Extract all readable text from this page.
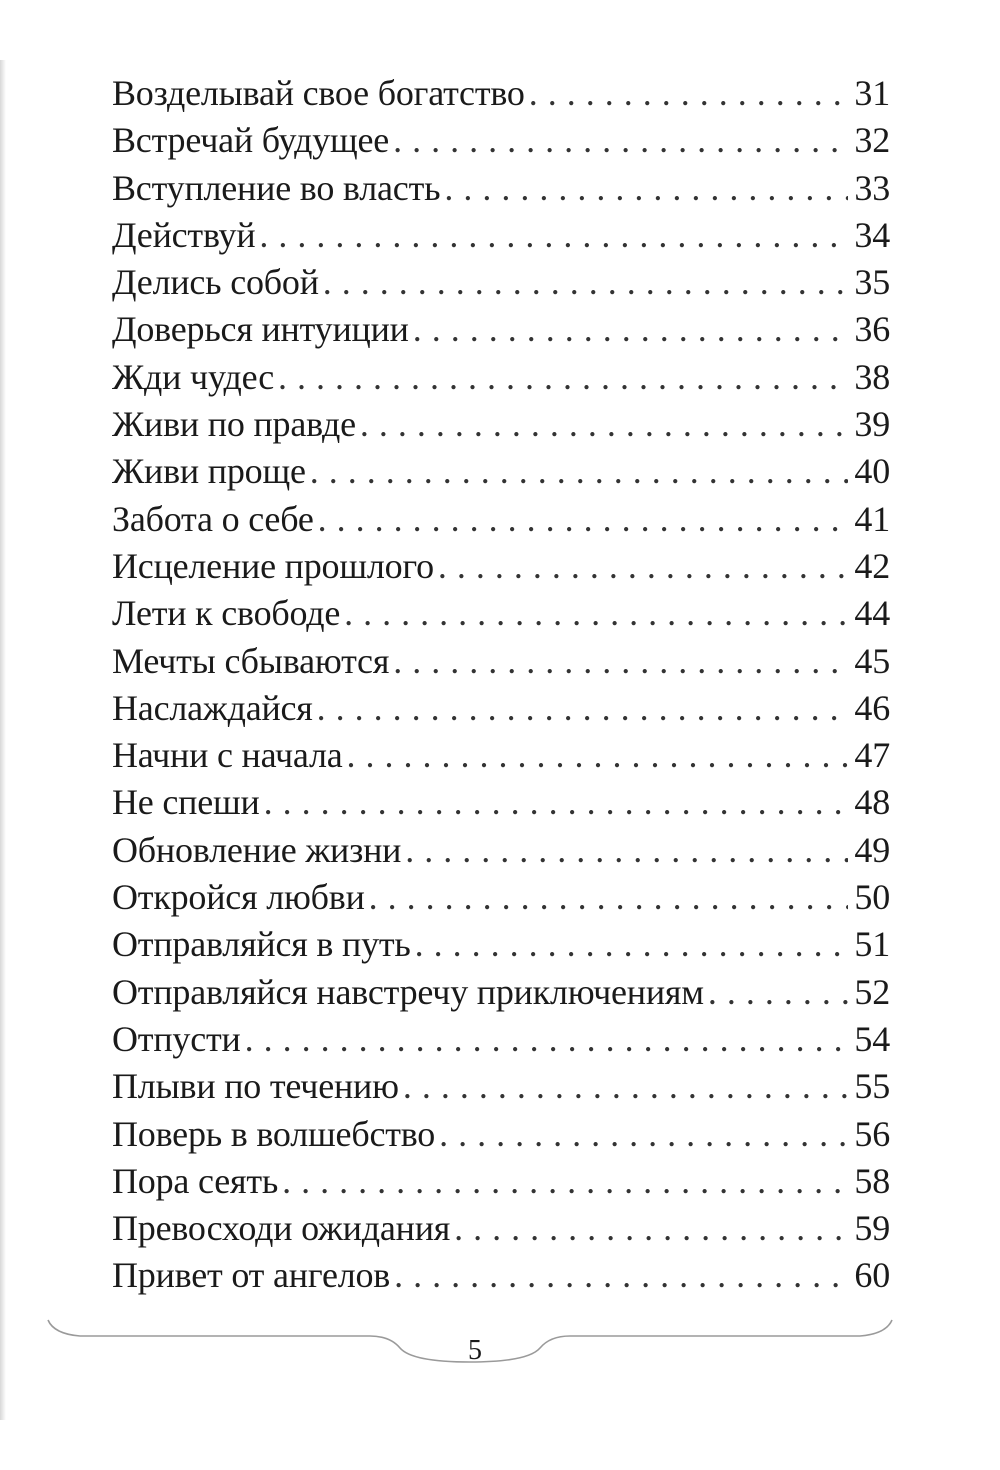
Возделывай свое богатство . . .	31
Встречай будущее . . .	32
Вступление во власть . . .	33
Действуй . . .	34
Делись собой . . .	35
Доверься интуиции . . .	36
Жди чудес . . .	38
Живи по правде . . .	39
Живи проще . . .	40
Забота о себе . . .	41
Исцеление прошлого . . .	42
Лети к свободе . . .	44
Мечты сбываются . . .	45
Наслаждайся . . .	46
Начни с начала . . .	47
Не спеши . . .	48
Обновление жизни . . .	49
Откройся любви . . .	50
Отправляйся в путь . . .	51
Отправляйся навстречу приключениям . . .	52
Отпусти . . .	54
Плыви по течению . . .	55
Поверь в волшебство . . .	56
Пора сеять . . .	58
Превосходи ожидания . . .	59
Привет от ангелов . . .	60
5
